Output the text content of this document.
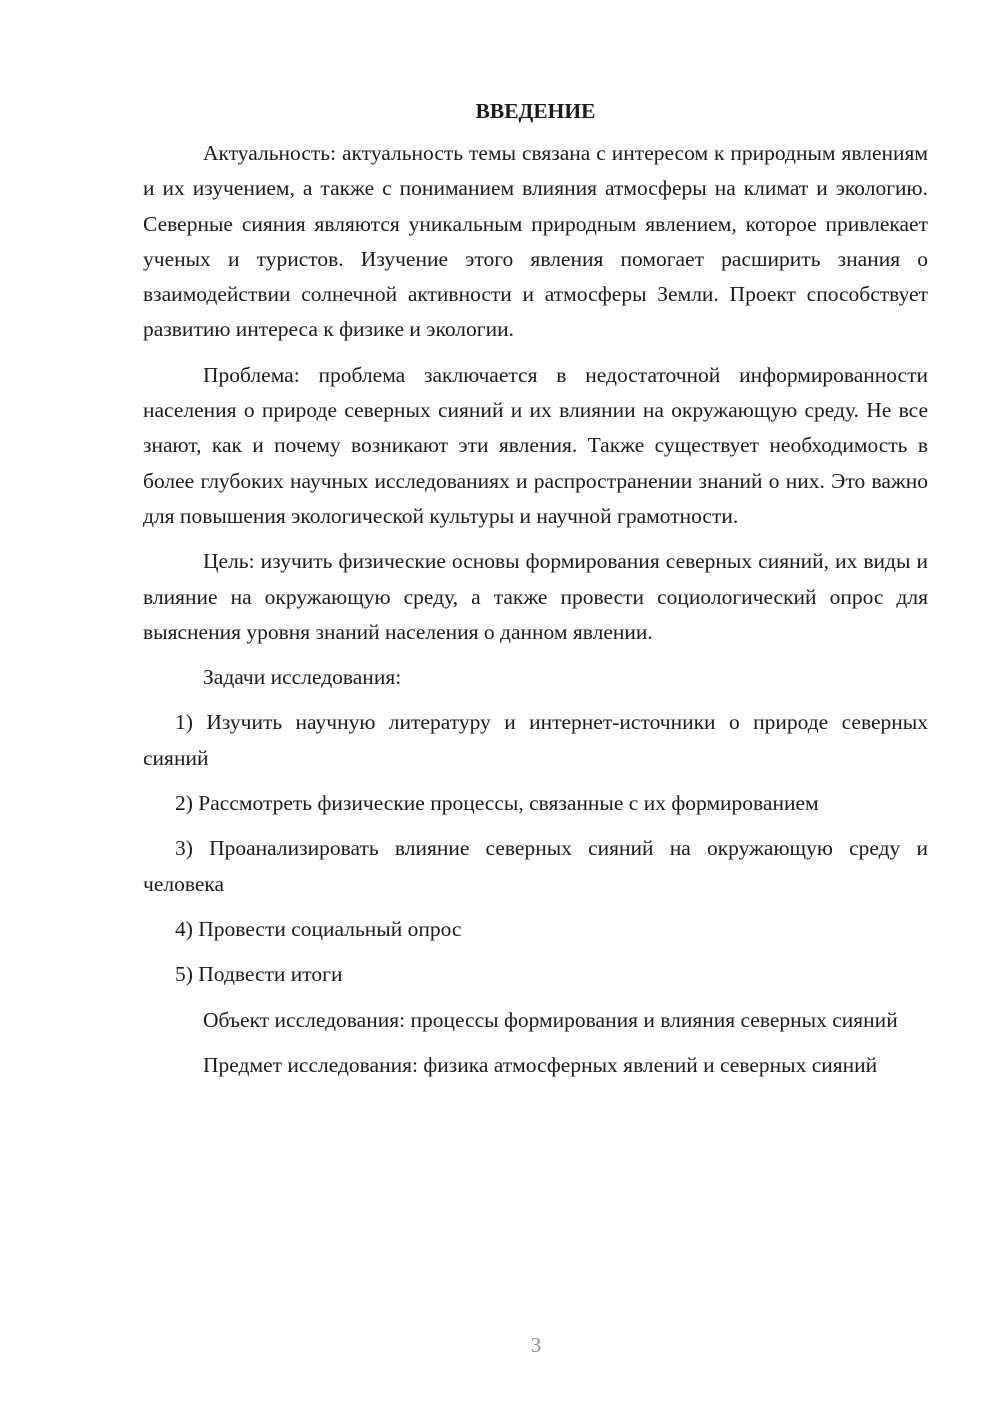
ВВЕДЕНИЕ

Актуальность: актуальность темы связана с интересом к природным явлениям и их изучением, а также с пониманием влияния атмосферы на климат и экологию. Северные сияния являются уникальным природным явлением, которое привлекает ученых и туристов. Изучение этого явления помогает расширить знания о взаимодействии солнечной активности и атмосферы Земли. Проект способствует развитию интереса к физике и экологии.

Проблема: проблема заключается в недостаточной информированности населения о природе северных сияний и их влиянии на окружающую среду. Не все знают, как и почему возникают эти явления. Также существует необходимость в более глубоких научных исследованиях и распространении знаний о них. Это важно для повышения экологической культуры и научной грамотности.

Цель: изучить физические основы формирования северных сияний, их виды и влияние на окружающую среду, а также провести социологический опрос для выяснения уровня знаний населения о данном явлении.

Задачи исследования:

1) Изучить научную литературу и интернет-источники о природе северных сияний

2) Рассмотреть физические процессы, связанные с их формированием

3) Проанализировать влияние северных сияний на окружающую среду и человека

4) Провести социальный опрос

5) Подвести итоги

Объект исследования: процессы формирования и влияния северных сияний

Предмет исследования: физика атмосферных явлений и северных сияний

3
